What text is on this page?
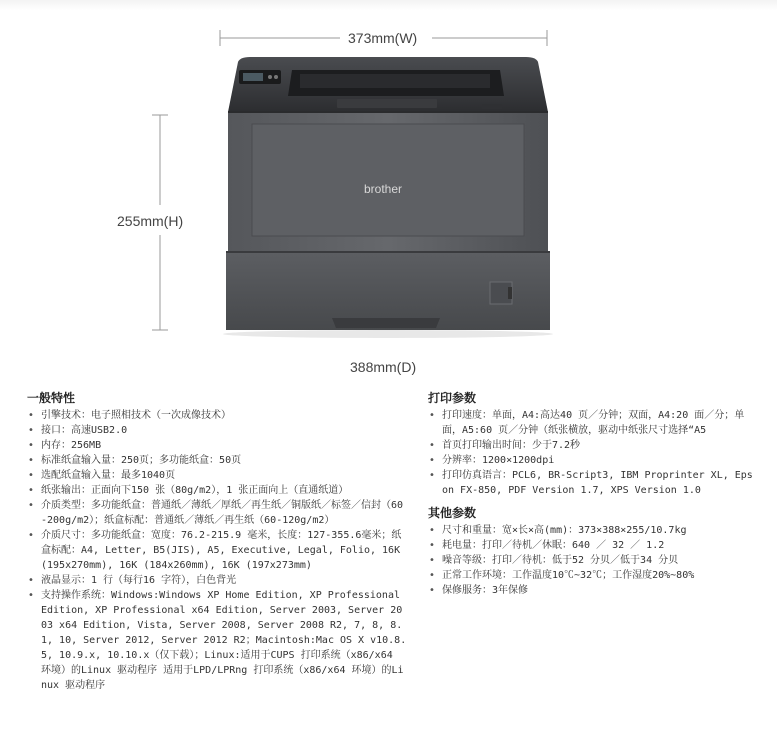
373mm(W)
255mm(H)
388mm(D)
brother
一般特性
• 引擎技术：电子照相技术（一次成像技术）
• 接口：高速USB2.0
• 内存：256MB
• 标准纸盒输入量：250页；多功能纸盒：50页
• 选配纸盒输入量：最多1040页
• 纸张输出：正面向下150 张（80g/m2），1 张正面向上（直通纸道）
• 介质类型：多功能纸盒：普通纸／薄纸／厚纸／再生纸／铜版纸／标签／信封（60-200g/m2）；纸盒标配：普通纸／薄纸／再生纸（60-120g/m2）
• 介质尺寸：多功能纸盒：宽度：76.2-215.9 毫米，长度：127-355.6毫米；纸盒标配：A4, Letter, B5(JIS), A5, Executive, Legal, Folio, 16K (195x270mm), 16K (184x260mm), 16K (197x273mm)
• 液晶显示：1 行（每行16 字符），白色背光
• 支持操作系统：Windows:Windows XP Home Edition, XP Professional Edition, XP Professional x64 Edition, Server 2003, Server 2003 x64 Edition, Vista, Server 2008, Server 2008 R2, 7, 8, 8.1, 10, Server 2012, Server 2012 R2；Macintosh:Mac OS X v10.8.5, 10.9.x, 10.10.x（仅下载）；Linux:适用于CUPS 打印系统（x86/x64 环境）的Linux 驱动程序 适用于LPD/LPRng 打印系统（x86/x64 环境）的Linux 驱动程序
打印参数
• 打印速度：单面，A4:高达40 页／分钟；双面，A4:20 面／分；单面，A5:60 页／分钟（纸张横放，驱动中纸张尺寸选择“A5
• 首页打印输出时间：少于7.2秒
• 分辨率：1200×1200dpi
• 打印仿真语言：PCL6, BR-Script3, IBM Proprinter XL, Epson FX-850, PDF Version 1.7, XPS Version 1.0
其他参数
• 尺寸和重量：宽×长×高(mm)：373×388×255/10.7kg
• 耗电量：打印／待机／休眠：640 ／ 32 ／ 1.2
• 噪音等级：打印／待机：低于52 分贝／低于34 分贝
• 正常工作环境：工作温度10℃~32℃；工作湿度20%~80%
• 保修服务：3年保修
